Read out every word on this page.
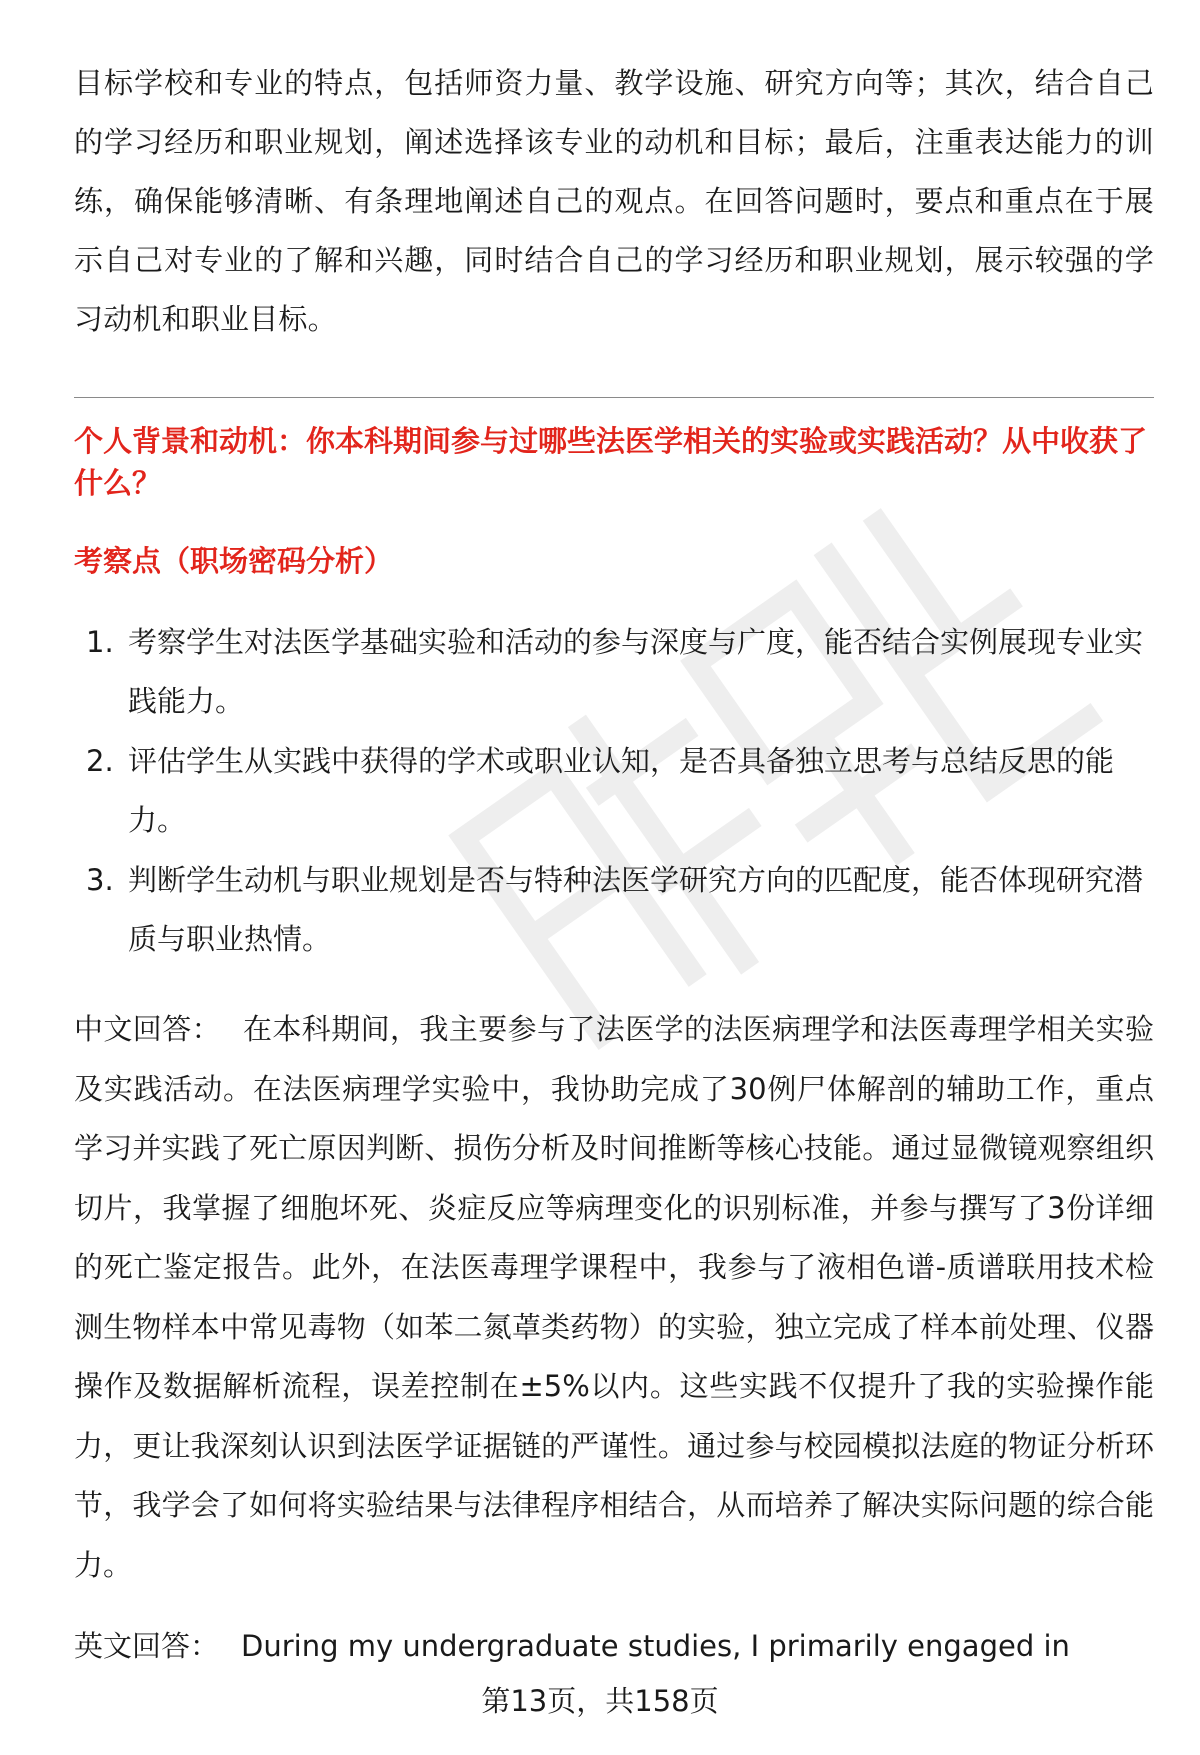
目标学校和专业的特点，包括师资力量、教学设施、研究方向等；其次，结合自己的学习经历和职业规划，阐述选择该专业的动机和目标；最后，注重表达能力的训练，确保能够清晰、有条理地阐述自己的观点。在回答问题时，要点和重点在于展示自己对专业的了解和兴趣，同时结合自己的学习经历和职业规划，展示较强的学习动机和职业目标。

个人背景和动机：你本科期间参与过哪些法医学相关的实验或实践活动？从中收获了什么？
考察点（职场密码分析）
1. 考察学生对法医学基础实验和活动的参与深度与广度，能否结合实例展现专业实践能力。
2. 评估学生从实践中获得的学术或职业认知，是否具备独立思考与总结反思的能力。
3. 判断学生动机与职业规划是否与特种法医学研究方向的匹配度，能否体现研究潜质与职业热情。

中文回答： 在本科期间，我主要参与了法医学的法医病理学和法医毒理学相关实验及实践活动。在法医病理学实验中，我协助完成了30例尸体解剖的辅助工作，重点学习并实践了死亡原因判断、损伤分析及时间推断等核心技能。通过显微镜观察组织切片，我掌握了细胞坏死、炎症反应等病理变化的识别标准，并参与撰写了3份详细的死亡鉴定报告。此外，在法医毒理学课程中，我参与了液相色谱-质谱联用技术检测生物样本中常见毒物（如苯二氮䓬类药物）的实验，独立完成了样本前处理、仪器操作及数据解析流程，误差控制在±5%以内。这些实践不仅提升了我的实验操作能力，更让我深刻认识到法医学证据链的严谨性。通过参与校园模拟法庭的物证分析环节，我学会了如何将实验结果与法律程序相结合，从而培养了解决实际问题的综合能力。

英文回答： During my undergraduate studies, I primarily engaged in

第13页，共158页
